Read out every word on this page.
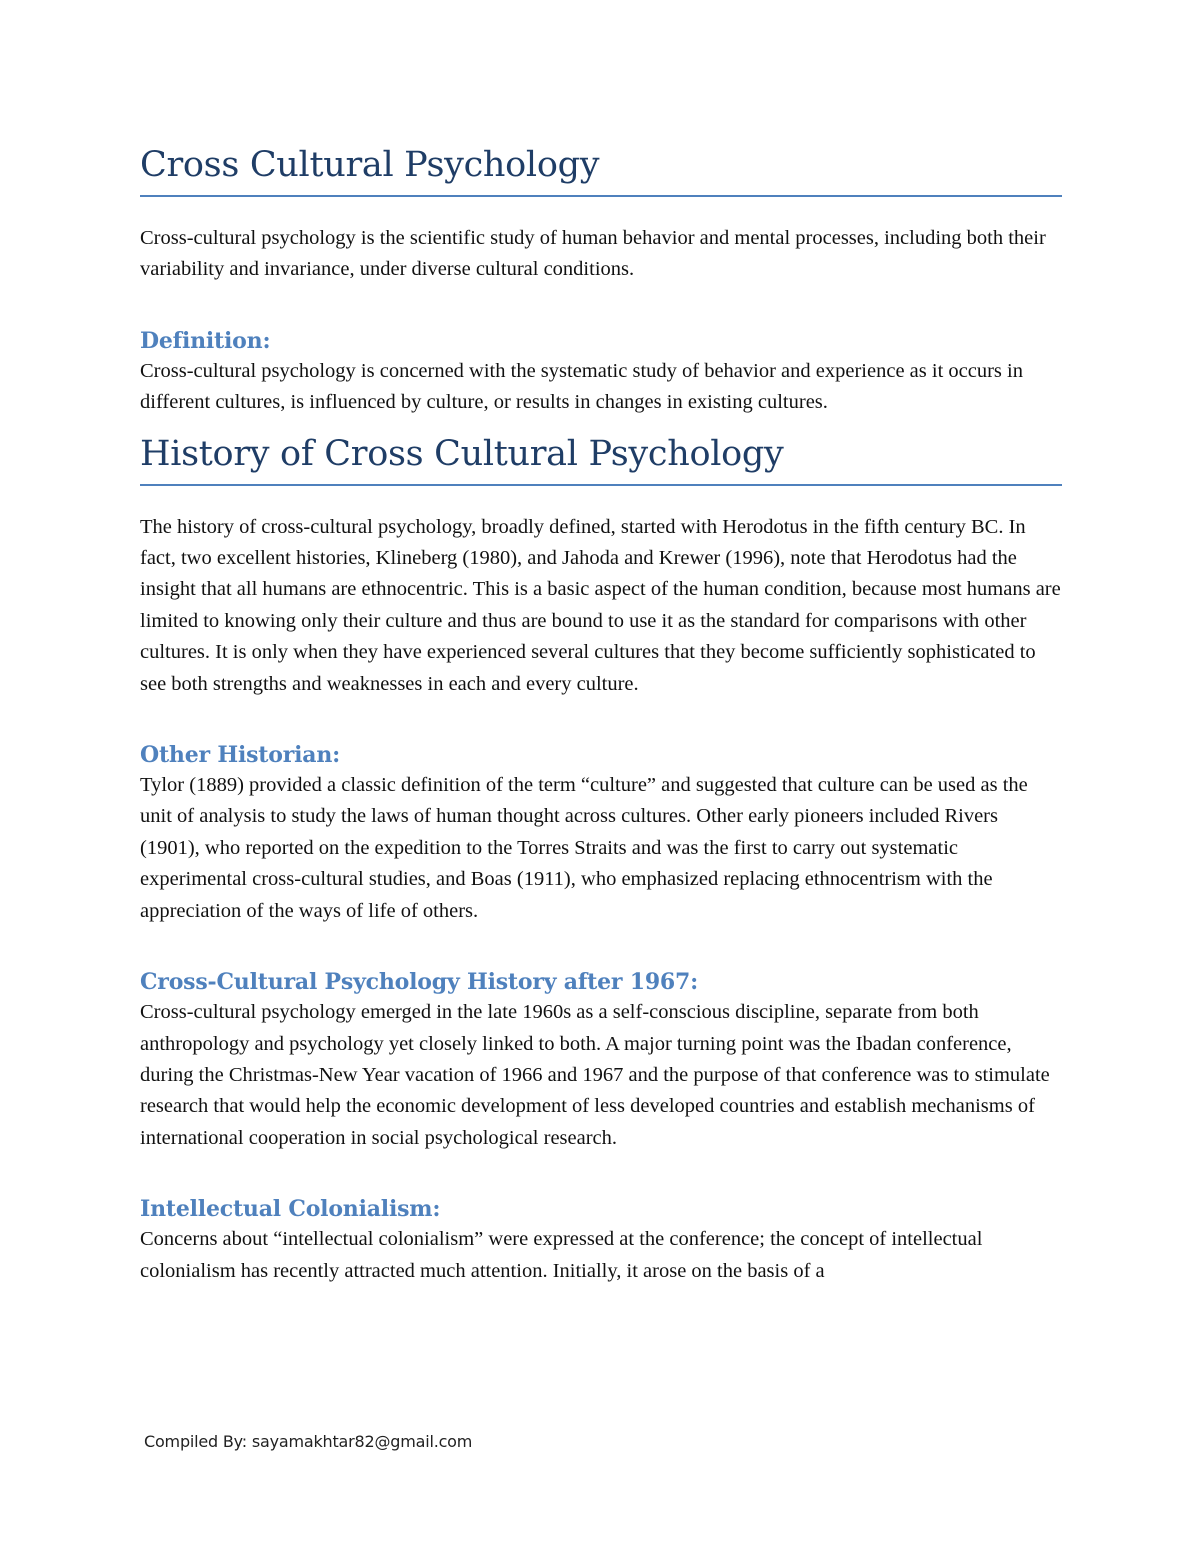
Cross Cultural Psychology

Cross-cultural psychology is the scientific study of human behavior and mental processes, including both their variability and invariance, under diverse cultural conditions.

Definition:

Cross-cultural psychology is concerned with the systematic study of behavior and experience as it occurs in different cultures, is influenced by culture, or results in changes in existing cultures.

History of Cross Cultural Psychology

The history of cross-cultural psychology, broadly defined, started with Herodotus in the fifth century BC. In fact, two excellent histories, Klineberg (1980), and Jahoda and Krewer (1996), note that Herodotus had the insight that all humans are ethnocentric. This is a basic aspect of the human condition, because most humans are limited to knowing only their culture and thus are bound to use it as the standard for comparisons with other cultures. It is only when they have experienced several cultures that they become sufficiently sophisticated to see both strengths and weaknesses in each and every culture.

Other Historian:

Tylor (1889) provided a classic definition of the term “culture” and suggested that culture can be used as the unit of analysis to study the laws of human thought across cultures. Other early pioneers included Rivers (1901), who reported on the expedition to the Torres Straits and was the first to carry out systematic experimental cross-cultural studies, and Boas (1911), who emphasized replacing ethnocentrism with the appreciation of the ways of life of others.

Cross-Cultural Psychology History after 1967:

Cross-cultural psychology emerged in the late 1960s as a self-conscious discipline, separate from both anthropology and psychology yet closely linked to both. A major turning point was the Ibadan conference, during the Christmas-New Year vacation of 1966 and 1967 and the purpose of that conference was to stimulate research that would help the economic development of less developed countries and establish mechanisms of international cooperation in social psychological research.

Intellectual Colonialism:

Concerns about “intellectual colonialism” were expressed at the conference; the concept of intellectual colonialism has recently attracted much attention. Initially, it arose on the basis of a

Compiled By: sayamakhtar82@gmail.com
